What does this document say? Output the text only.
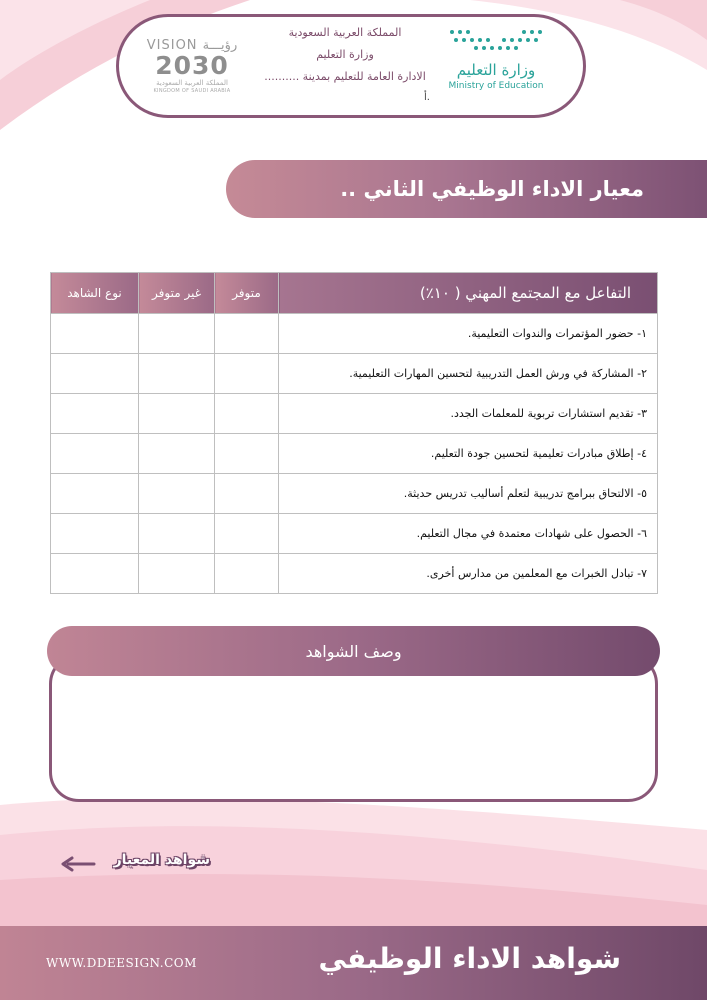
VISION رؤيـــة
2030
المملكة العربية السعودية
KINGDOM OF SAUDI ARABIA
المملكة العربية السعودية
وزارة التعليم
الادارة العامة للتعليم بمدينة ..........
أ.
وزارة التعليم
Ministry of Education
معيار الاداء الوظيفي الثاني ..
نوع الشاهد	غير متوفر	متوفر	التفاعل مع المجتمع المهني ( ١٠٪)
			١- حضور المؤتمرات والندوات التعليمية.
			٢- المشاركة في ورش العمل التدريبية لتحسين المهارات التعليمية.
			٣- تقديم استشارات تربوية للمعلمات الجدد.
			٤- إطلاق مبادرات تعليمية لتحسين جودة التعليم.
			٥- الالتحاق ببرامج تدريبية لتعلم أساليب تدريس حديثة.
			٦- الحصول على شهادات معتمدة في مجال التعليم.
			٧- تبادل الخبرات مع المعلمين من مدارس أخرى.
وصف الشواهد
شواهد المعيار
WWW.DDEESIGN.COM	شواهد الاداء الوظيفي
